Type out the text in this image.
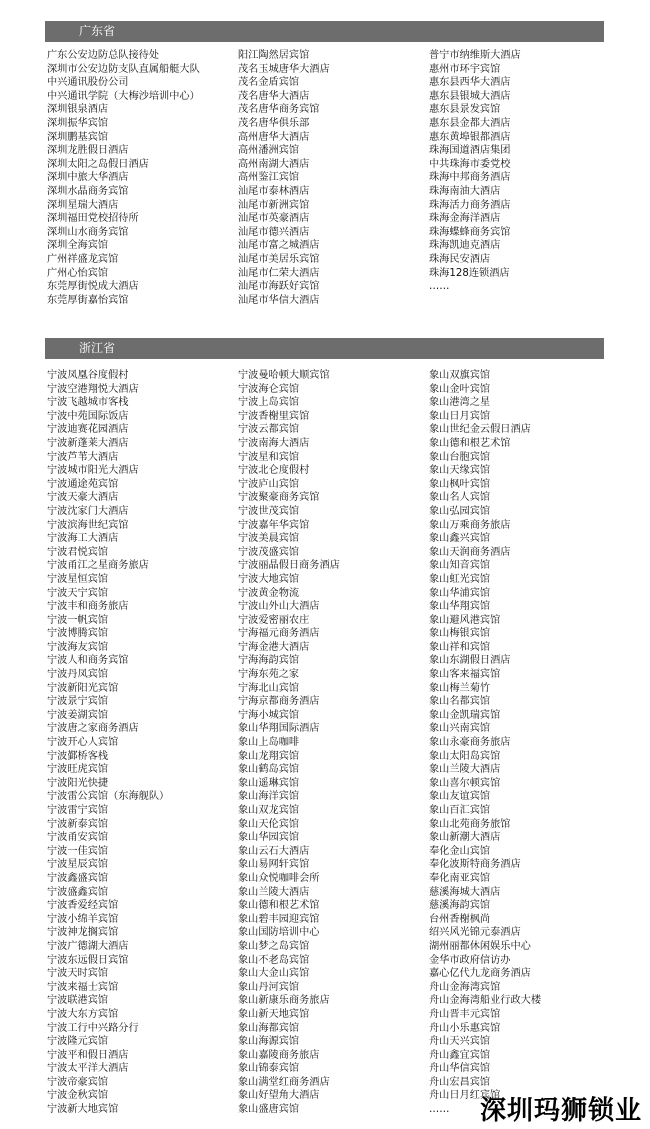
广东省
广东公安边防总队接待处
深圳市公安边防支队直属船艇大队
中兴通讯股份公司
中兴通讯学院（大梅沙培训中心）
深圳银泉酒店
深圳振华宾馆
深圳鹏基宾馆
深圳龙胜假日酒店
深圳太阳之岛假日酒店
深圳中旅大华酒店
深圳水晶商务宾馆
深圳星瑞大酒店
深圳福田党校招待所
深圳山水商务宾馆
深圳全海宾馆
广州祥盛龙宾馆
广州心怡宾馆
东莞厚街悦成大酒店
东莞厚街嘉怡宾馆
阳江陶然居宾馆
茂名玉城唐华大酒店
茂名金盾宾馆
茂名唐华大酒店
茂名唐华商务宾馆
茂名唐华俱乐部
高州唐华大酒店
高州潘洲宾馆
高州南湖大酒店
高州鉴江宾馆
汕尾市泰林酒店
汕尾市新洲宾馆
汕尾市英豪酒店
汕尾市德兴酒店
汕尾市富之城酒店
汕尾市美居乐宾馆
汕尾市仁荣大酒店
汕尾市海跃好宾馆
汕尾市华信大酒店
普宁市纳维斯大酒店
惠州市环宇宾馆
惠东县西华大酒店
惠东县银城大酒店
惠东县景发宾馆
惠东县金都大酒店
惠东黄埠银都酒店
珠海国道酒店集团
中共珠海市委党校
珠海中邦商务酒店
珠海南油大酒店
珠海活力商务酒店
珠海金海洋酒店
珠海蝶蜂商务宾馆
珠海凯迪克酒店
珠海民安酒店
珠海128连锁酒店
……
浙江省
宁波凤凰谷度假村
宁波空港翔悦大酒店
宁波飞越城市客栈
宁波中苑国际饭店
宁波迪赛花园酒店
宁波新蓬莱大酒店
宁波芦苇大酒店
宁波城市阳光大酒店
宁波通途苑宾馆
宁波天豪大酒店
宁波沈家门大酒店
宁波滨海世纪宾馆
宁波海工大酒店
宁波君悦宾馆
宁波甬江之星商务旅店
宁波星恒宾馆
宁波天宁宾馆
宁波丰和商务旅店
宁波一帆宾馆
宁波博腾宾馆
宁波海友宾馆
宁波人和商务宾馆
宁波丹凤宾馆
宁波新阳光宾馆
宁波景宁宾馆
宁波姜湖宾馆
宁波唐之家商务酒店
宁波开心人宾馆
宁波鄞桥客栈
宁波旺虎宾馆
宁波阳光快捷
宁波雷公宾馆（东海舰队）
宁波雷宁宾馆
宁波新泰宾馆
宁波甬安宾馆
宁波一佳宾馆
宁波星辰宾馆
宁波鑫盛宾馆
宁波盛鑫宾馆
宁波香爱经宾馆
宁波小绵羊宾馆
宁波神龙搁宾馆
宁波广德湖大酒店
宁波东远假日宾馆
宁波天时宾馆
宁波来福士宾馆
宁波联港宾馆
宁波大东方宾馆
宁波工行中兴路分行
宁波隆元宾馆
宁波平和假日酒店
宁波太平洋大酒店
宁波帝豪宾馆
宁波金秋宾馆
宁波新大地宾馆
宁波曼哈顿大顺宾馆
宁波海仑宾馆
宁波上岛宾馆
宁波香榭里宾馆
宁波云都宾馆
宁波南海大酒店
宁波星和宾馆
宁波北仑度假村
宁波庐山宾馆
宁波聚豪商务宾馆
宁波世茂宾馆
宁波嘉年华宾馆
宁波美晨宾馆
宁波茂盛宾馆
宁波丽晶假日商务酒店
宁波大地宾馆
宁波黄金物流
宁波山外山大酒店
宁波爱密丽农庄
宁海福元商务酒店
宁海金港大酒店
宁海海韵宾馆
宁海东苑之家
宁海北山宾馆
宁海京都商务酒店
宁海小城宾馆
象山华翔国际酒店
象山上岛咖啡
象山龙翔宾馆
象山鹤岛宾馆
象山遥琳宾馆
象山海洋宾馆
象山双龙宾馆
象山天伦宾馆
象山华园宾馆
象山云石大酒店
象山易网轩宾馆
象山众悦咖啡会所
象山兰陵大酒店
象山德和根艺术馆
象山碧丰园迎宾馆
象山国防培训中心
象山梦之岛宾馆
象山不老岛宾馆
象山大金山宾馆
象山丹河宾馆
象山新康乐商务旅店
象山新天地宾馆
象山海都宾馆
象山海源宾馆
象山嘉陵商务旅店
象山锦泰宾馆
象山满堂红商务酒店
象山好望角大酒店
象山盛唐宾馆
象山双旗宾馆
象山金叶宾馆
象山港湾之星
象山日月宾馆
象山世纪金云假日酒店
象山德和根艺术馆
象山台胞宾馆
象山天缘宾馆
象山枫叶宾馆
象山名人宾馆
象山弘园宾馆
象山万乘商务旅店
象山鑫兴宾馆
象山天润商务酒店
象山知音宾馆
象山虹光宾馆
象山华浦宾馆
象山华翔宾馆
象山避风港宾馆
象山梅银宾馆
象山祥和宾馆
象山东湖假日酒店
象山客来福宾馆
象山梅兰菊竹
象山名都宾馆
象山金凯瑞宾馆
象山兴南宾馆
象山永豪商务旅店
象山太阳岛宾馆
象山兰陵大酒店
象山喜尔顿宾馆
象山友谊宾馆
象山百汇宾馆
象山北苑商务旅馆
象山新潮大酒店
奉化金山宾馆
奉化波斯特商务酒店
奉化南亚宾馆
慈溪海城大酒店
慈溪海韵宾馆
台州香榭枫尚
绍兴风光锦元泰酒店
湖州丽都休闲娱乐中心
金华市政府信访办
嘉心亿代九龙商务酒店
舟山金海湾宾馆
舟山金海湾船业行政大楼
舟山晋丰元宾馆
舟山小乐惠宾馆
舟山天兴宾馆
舟山鑫宜宾馆
舟山华信宾馆
舟山宏昌宾馆
舟山日月红宾馆
……	深圳玛狮锁业
